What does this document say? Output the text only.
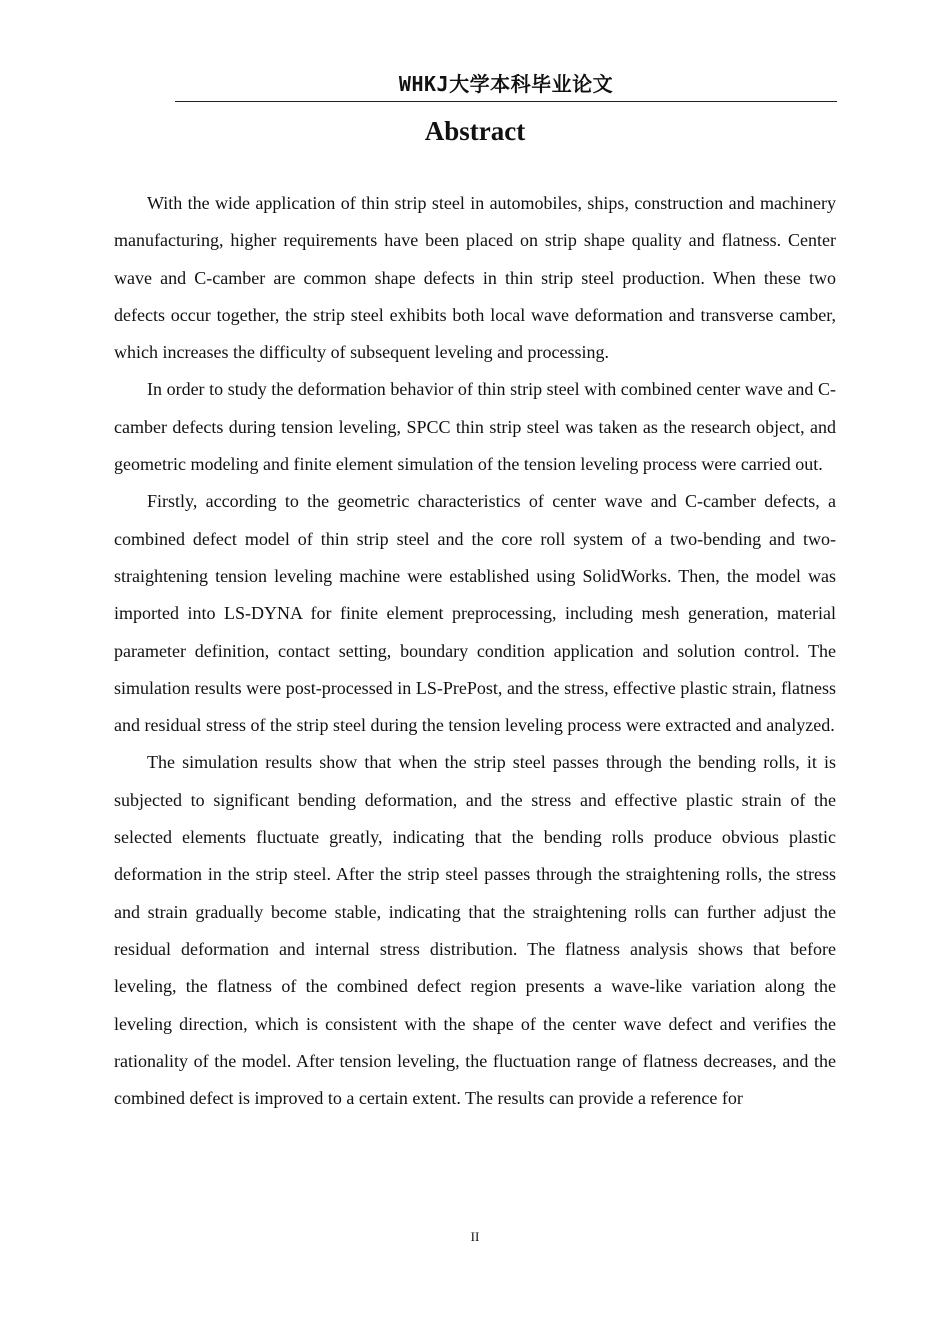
WHKJ大学本科毕业论文
Abstract

With the wide application of thin strip steel in automobiles, ships, construction and machinery manufacturing, higher requirements have been placed on strip shape quality and flatness. Center wave and C-camber are common shape defects in thin strip steel production. When these two defects occur together, the strip steel exhibits both local wave deformation and transverse camber, which increases the difficulty of subsequent leveling and processing.

In order to study the deformation behavior of thin strip steel with combined center wave and C-camber defects during tension leveling, SPCC thin strip steel was taken as the research object, and geometric modeling and finite element simulation of the tension leveling process were carried out.

Firstly, according to the geometric characteristics of center wave and C-camber defects, a combined defect model of thin strip steel and the core roll system of a two-bending and two-straightening tension leveling machine were established using SolidWorks. Then, the model was imported into LS-DYNA for finite element preprocessing, including mesh generation, material parameter definition, contact setting, boundary condition application and solution control. The simulation results were post-processed in LS-PrePost, and the stress, effective plastic strain, flatness and residual stress of the strip steel during the tension leveling process were extracted and analyzed.

The simulation results show that when the strip steel passes through the bending rolls, it is subjected to significant bending deformation, and the stress and effective plastic strain of the selected elements fluctuate greatly, indicating that the bending rolls produce obvious plastic deformation in the strip steel. After the strip steel passes through the straightening rolls, the stress and strain gradually become stable, indicating that the straightening rolls can further adjust the residual deformation and internal stress distribution. The flatness analysis shows that before leveling, the flatness of the combined defect region presents a wave-like variation along the leveling direction, which is consistent with the shape of the center wave defect and verifies the rationality of the model. After tension leveling, the fluctuation range of flatness decreases, and the combined defect is improved to a certain extent. The results can provide a reference for

II
